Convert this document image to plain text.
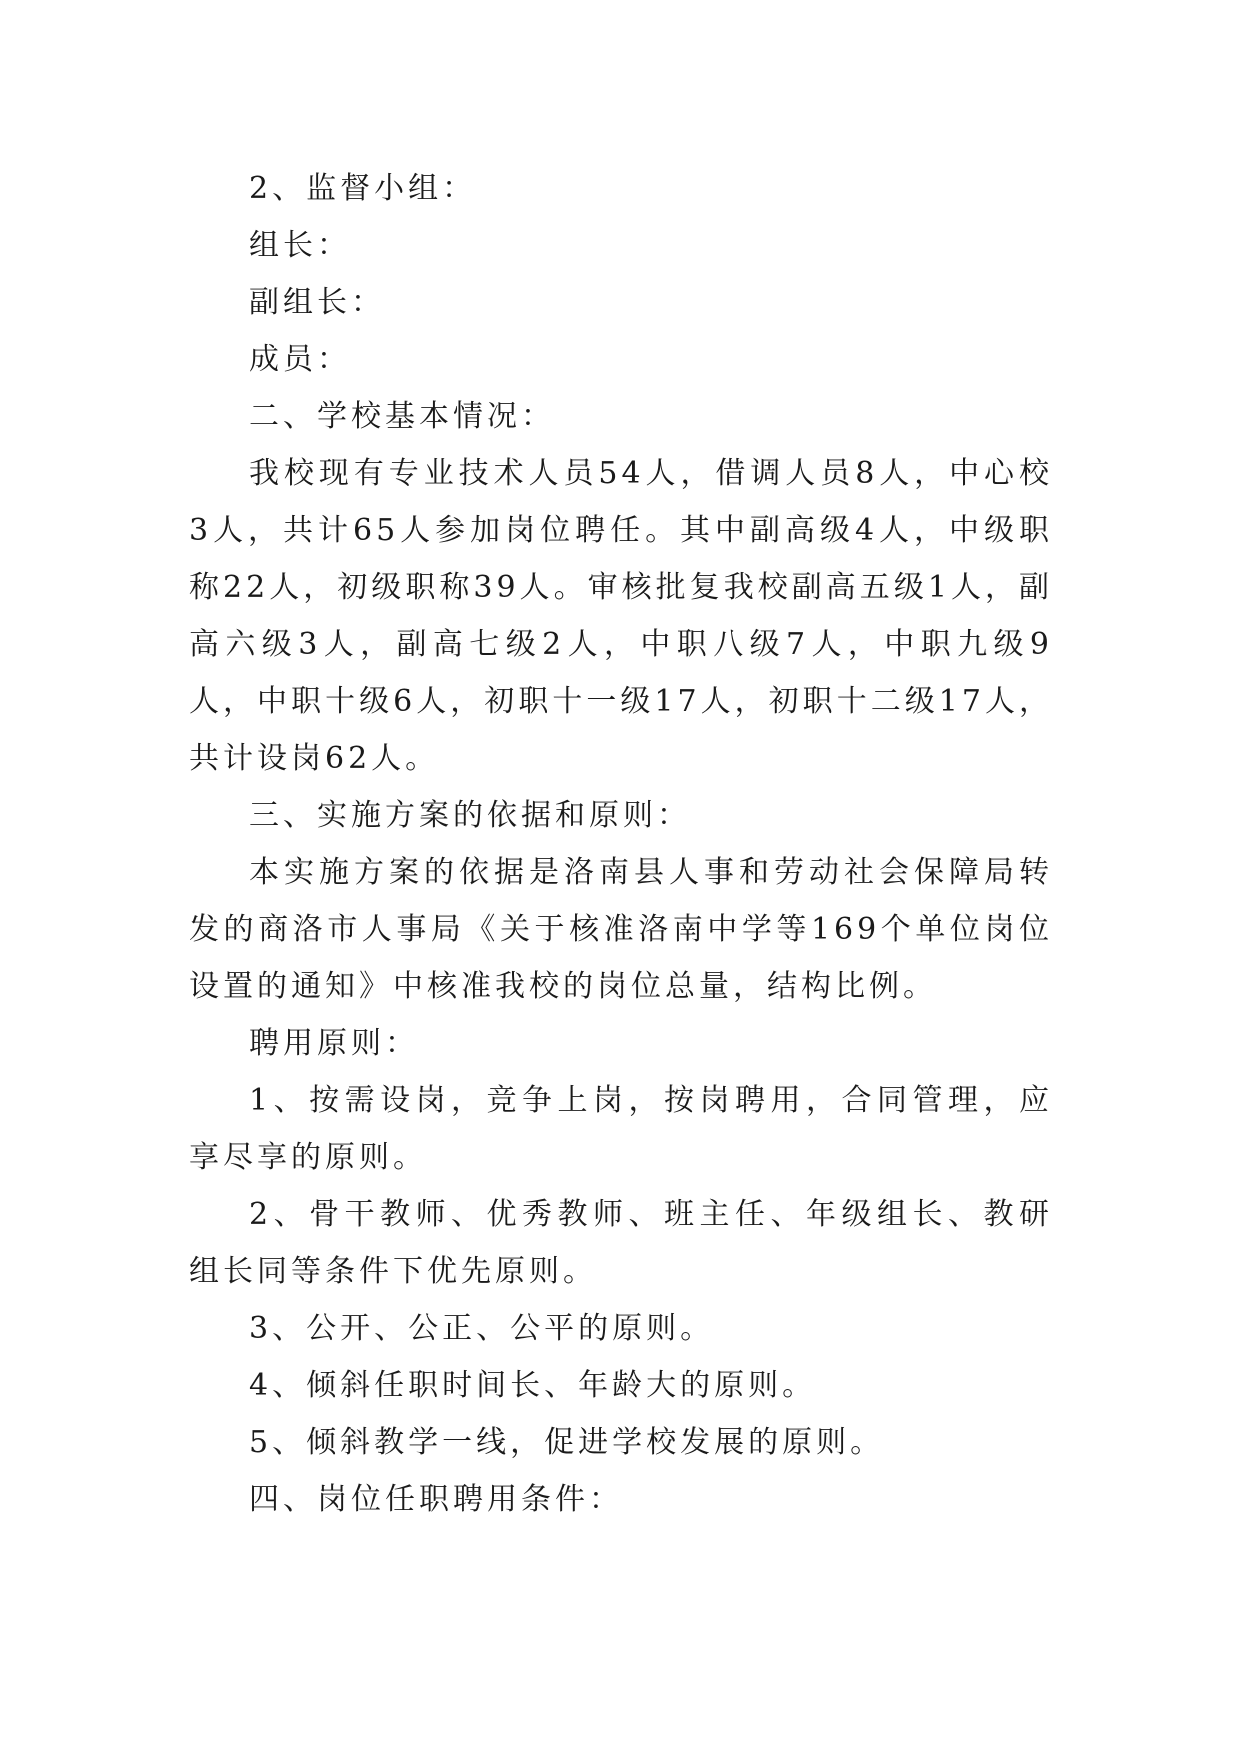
2、监督小组：

组长：

副组长：

成员：

二、学校基本情况：

我校现有专业技术人员54人，借调人员8人，中心校3人，共计65人参加岗位聘任。其中副高级4人，中级职称22人，初级职称39人。审核批复我校副高五级1人，副高六级3人，副高七级2人，中职八级7人，中职九级9人，中职十级6人，初职十一级17人，初职十二级17人，共计设岗62人。

三、实施方案的依据和原则：

本实施方案的依据是洛南县人事和劳动社会保障局转发的商洛市人事局《关于核准洛南中学等169个单位岗位设置的通知》中核准我校的岗位总量，结构比例。

聘用原则：

1、按需设岗，竞争上岗，按岗聘用，合同管理，应享尽享的原则。

2、骨干教师、优秀教师、班主任、年级组长、教研组长同等条件下优先原则。

3、公开、公正、公平的原则。

4、倾斜任职时间长、年龄大的原则。

5、倾斜教学一线，促进学校发展的原则。

四、岗位任职聘用条件：
